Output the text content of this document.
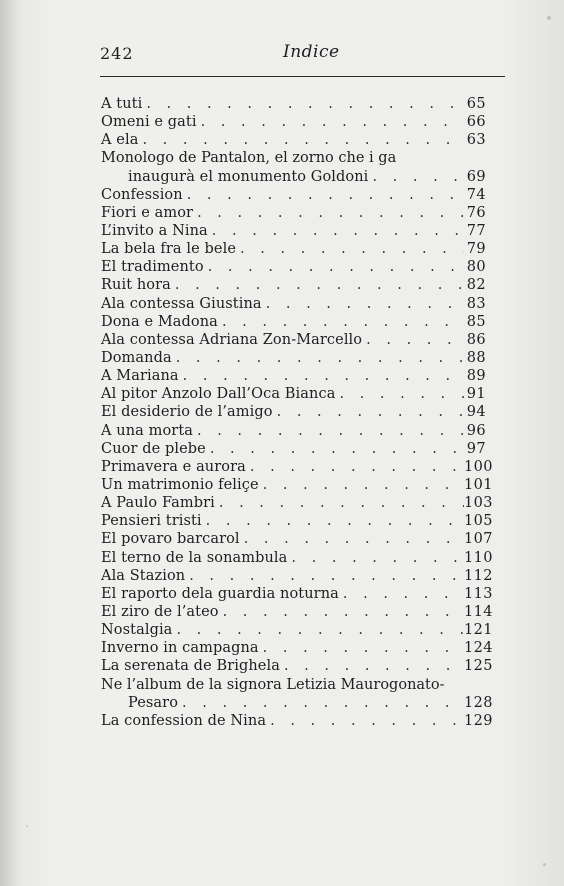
242	Indice
A tuti . . .	65
Omeni e gati . . .	66
A ela . . .	63
Monologo de Pantalon, el zorno che i ga
inaugurà el monumento Goldoni . . .	69
Confession . . .	74
Fiori e amor . . .	76
L’invito a Nina . . .	77
La bela fra le bele . . .	79
El tradimento . . .	80
Ruit hora . . .	82
Ala contessa Giustina . . .	83
Dona e Madona . . .	85
Ala contessa Adriana Zon-Marcello . . .	86
Domanda . . .	88
A Mariana . . .	89
Al pitor Anzolo Dall’Oca Bianca . . .	91
El desiderio de l’amigo . . .	94
A una morta . . .	96
Cuor de plebe . . .	97
Primavera e aurora . . .	100
Un matrimonio feliçe . . .	101
A Paulo Fambri . . .	103
Pensieri tristi . . .	105
El povaro barcarol . . .	107
El terno de la sonambula . . .	110
Ala Stazion . . .	112
El raporto dela guardia noturna . . .	113
El ziro de l’ateo . . .	114
Nostalgia . . .	121
Inverno in campagna . . .	124
La serenata de Brighela . . .	125
Ne l’album de la signora Letizia Maurogonato-
Pesaro . . .	128
La confession de Nina . . .	129
